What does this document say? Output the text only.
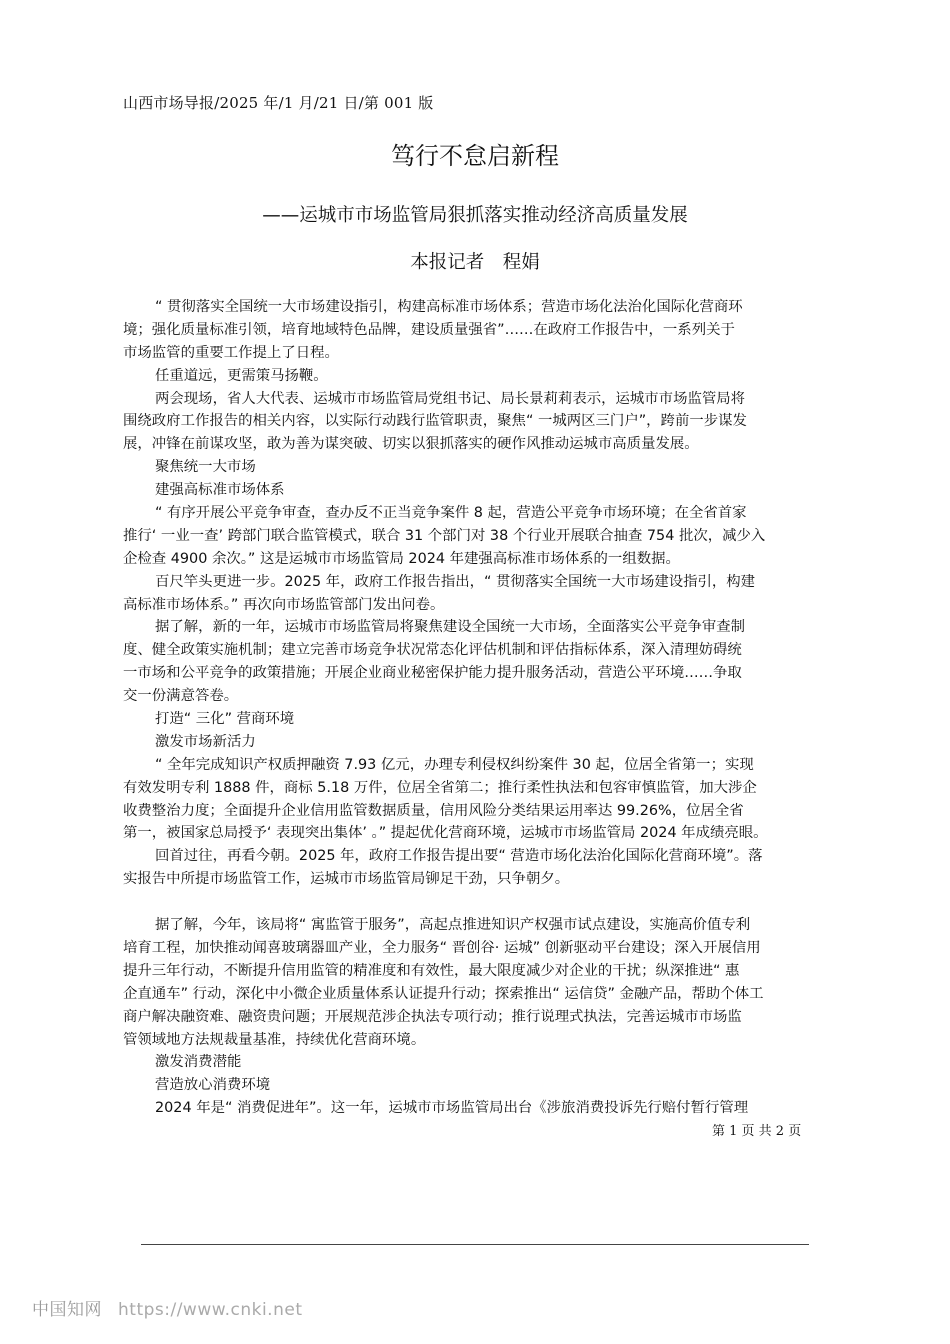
山西市场导报/2025 年/1 月/21 日/第 001 版
笃行不怠启新程
——运城市市场监管局狠抓落实推动经济高质量发展
本报记者　程娟
“ 贯彻落实全国统一大市场建设指引，构建高标准市场体系；营造市场化法治化国际化营商环
境；强化质量标准引领，培育地域特色品牌，建设质量强省”……在政府工作报告中，一系列关于
市场监管的重要工作提上了日程。
任重道远，更需策马扬鞭。
两会现场，省人大代表、运城市市场监管局党组书记、局长景莉莉表示，运城市市场监管局将
围绕政府工作报告的相关内容，以实际行动践行监管职责，聚焦“ 一城两区三门户”，跨前一步谋发
展，冲锋在前谋攻坚，敢为善为谋突破、切实以狠抓落实的硬作风推动运城市高质量发展。
聚焦统一大市场
建强高标准市场体系
“ 有序开展公平竞争审查，查办反不正当竞争案件 8 起，营造公平竞争市场环境；在全省首家
推行‘ 一业一查’ 跨部门联合监管模式，联合 31 个部门对 38 个行业开展联合抽查 754 批次，减少入
企检查 4900 余次。” 这是运城市市场监管局 2024 年建强高标准市场体系的一组数据。
百尺竿头更进一步。2025 年，政府工作报告指出，“ 贯彻落实全国统一大市场建设指引，构建
高标准市场体系。” 再次向市场监管部门发出问卷。
据了解，新的一年，运城市市场监管局将聚焦建设全国统一大市场，全面落实公平竞争审查制
度、健全政策实施机制；建立完善市场竞争状况常态化评估机制和评估指标体系，深入清理妨碍统
一市场和公平竞争的政策措施；开展企业商业秘密保护能力提升服务活动，营造公平环境……争取
交一份满意答卷。
打造“ 三化” 营商环境
激发市场新活力
“ 全年完成知识产权质押融资 7.93 亿元，办理专利侵权纠纷案件 30 起，位居全省第一；实现
有效发明专利 1888 件，商标 5.18 万件，位居全省第二；推行柔性执法和包容审慎监管，加大涉企
收费整治力度；全面提升企业信用监管数据质量，信用风险分类结果运用率达 99.26%，位居全省
第一，被国家总局授予‘ 表现突出集体’ 。” 提起优化营商环境，运城市市场监管局 2024 年成绩亮眼。
回首过往，再看今朝。2025 年，政府工作报告提出要“ 营造市场化法治化国际化营商环境”。落
实报告中所提市场监管工作，运城市市场监管局铆足干劲，只争朝夕。
据了解，今年，该局将“ 寓监管于服务”，高起点推进知识产权强市试点建设，实施高价值专利
培育工程，加快推动闻喜玻璃器皿产业，全力服务“ 晋创谷· 运城” 创新驱动平台建设；深入开展信用
提升三年行动，不断提升信用监管的精准度和有效性，最大限度减少对企业的干扰；纵深推进“ 惠
企直通车” 行动，深化中小微企业质量体系认证提升行动；探索推出“ 运信贷” 金融产品，帮助个体工
商户解决融资难、融资贵问题；开展规范涉企执法专项行动；推行说理式执法，完善运城市市场监
管领域地方法规裁量基准，持续优化营商环境。
激发消费潜能
营造放心消费环境
2024 年是“ 消费促进年”。这一年，运城市市场监管局出台《涉旅消费投诉先行赔付暂行管理
第 1 页 共 2 页
中国知网 https://www.cnki.net
